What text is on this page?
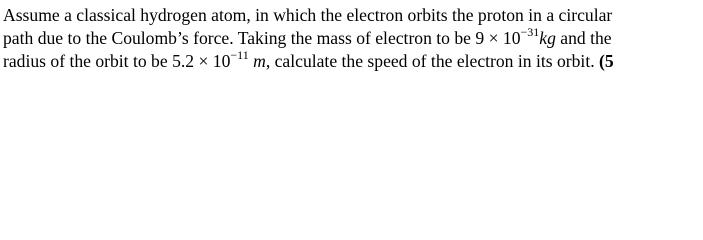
Assume a classical hydrogen atom, in which the electron orbits the proton in a circular
path due to the Coulomb’s force. Taking the mass of electron to be $9 \times 10^{-31}kg$ and the
radius of the orbit to be $5.2 \times 10^{-11}$ m, calculate the speed of the electron in its orbit. (5
